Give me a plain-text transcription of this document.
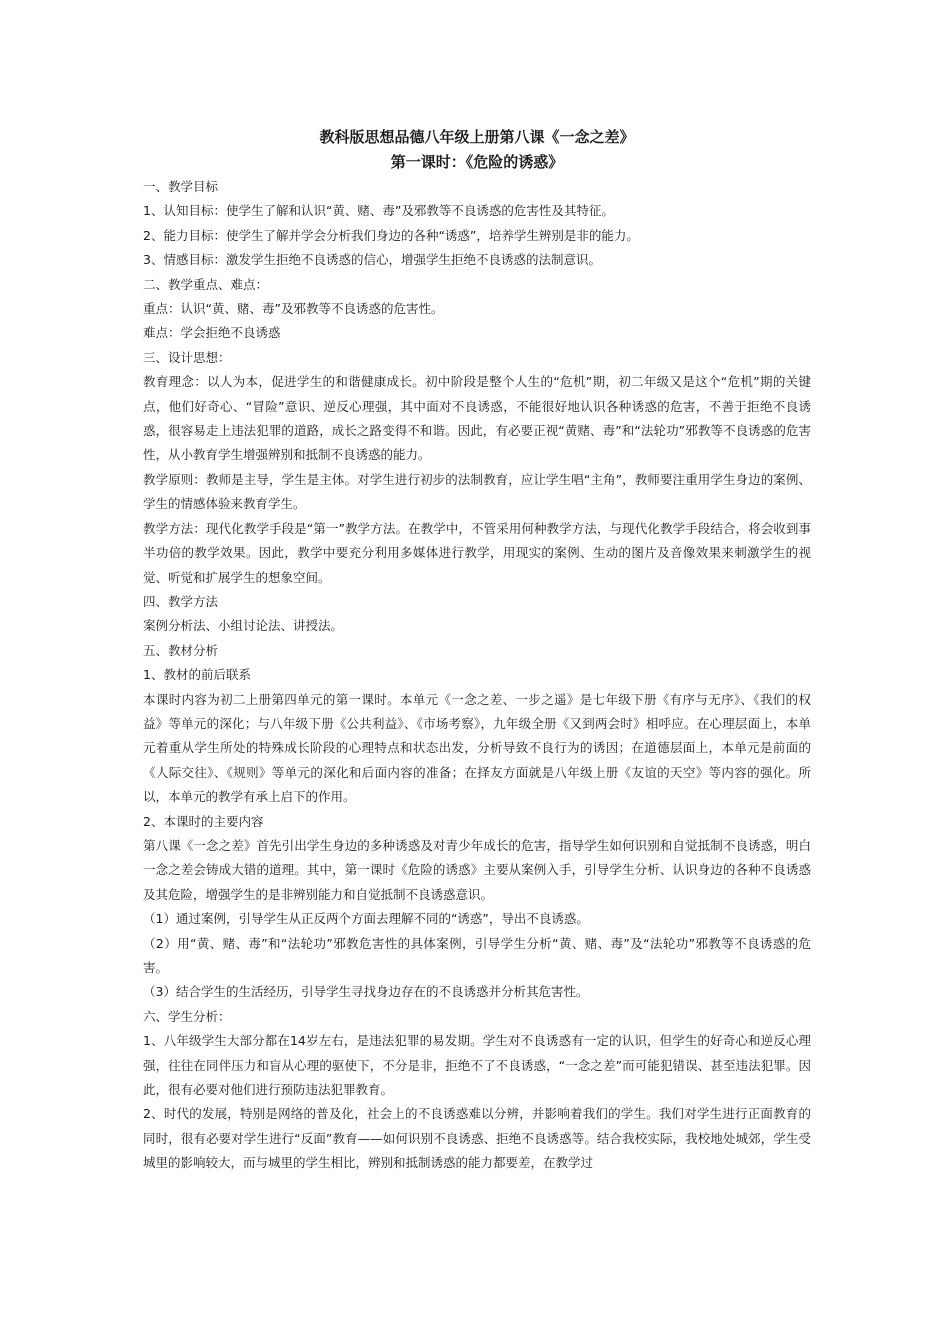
教科版思想品德八年级上册第八课《一念之差》
第一课时：《危险的诱惑》

一、教学目标

1、认知目标：使学生了解和认识“黄、赌、毒”及邪教等不良诱惑的危害性及其特征。

2、能力目标：使学生了解并学会分析我们身边的各种“诱惑”，培养学生辨别是非的能力。

3、情感目标：激发学生拒绝不良诱惑的信心，增强学生拒绝不良诱惑的法制意识。

二、教学重点、难点：

重点：认识“黄、赌、毒”及邪教等不良诱惑的危害性。

难点：学会拒绝不良诱惑

三、设计思想：

教育理念：以人为本，促进学生的和谐健康成长。初中阶段是整个人生的“危机”期，初二年级又是这个“危机”期的关键点，他们好奇心、“冒险”意识、逆反心理强，其中面对不良诱惑，不能很好地认识各种诱惑的危害，不善于拒绝不良诱惑，很容易走上违法犯罪的道路，成长之路变得不和谐。因此，有必要正视“黄赌、毒”和“法轮功”邪教等不良诱惑的危害性，从小教育学生增强辨别和抵制不良诱惑的能力。

教学原则：教师是主导，学生是主体。对学生进行初步的法制教育，应让学生唱“主角”，教师要注重用学生身边的案例、学生的情感体验来教育学生。

教学方法：现代化教学手段是“第一”教学方法。在教学中，不管采用何种教学方法，与现代化教学手段结合，将会收到事半功倍的教学效果。因此，教学中要充分利用多媒体进行教学，用现实的案例、生动的图片及音像效果来刺激学生的视觉、听觉和扩展学生的想象空间。

四、教学方法

案例分析法、小组讨论法、讲授法。

五、教材分析

1、教材的前后联系

本课时内容为初二上册第四单元的第一课时。本单元《一念之差、一步之遥》是七年级下册《有序与无序》、《我们的权益》等单元的深化；与八年级下册《公共利益》、《市场考察》，九年级全册《又到两会时》相呼应。在心理层面上，本单元着重从学生所处的特殊成长阶段的心理特点和状态出发，分析导致不良行为的诱因；在道德层面上，本单元是前面的《人际交往》、《规则》等单元的深化和后面内容的准备；在择友方面就是八年级上册《友谊的天空》等内容的强化。所以，本单元的教学有承上启下的作用。

2、本课时的主要内容

第八课《一念之差》首先引出学生身边的多种诱惑及对青少年成长的危害，指导学生如何识别和自觉抵制不良诱惑，明白一念之差会铸成大错的道理。其中，第一课时《危险的诱惑》主要从案例入手，引导学生分析、认识身边的各种不良诱惑及其危险，增强学生的是非辨别能力和自觉抵制不良诱惑意识。

（1）通过案例，引导学生从正反两个方面去理解不同的“诱惑”，导出不良诱惑。

（2）用“黄、赌、毒”和“法轮功”邪教危害性的具体案例，引导学生分析“黄、赌、毒”及“法轮功”邪教等不良诱惑的危害。

（3）结合学生的生活经历，引导学生寻找身边存在的不良诱惑并分析其危害性。

六、学生分析：

1、八年级学生大部分都在14岁左右，是违法犯罪的易发期。学生对不良诱惑有一定的认识，但学生的好奇心和逆反心理强，往往在同伴压力和盲从心理的驱使下，不分是非，拒绝不了不良诱惑，“一念之差”而可能犯错误、甚至违法犯罪。因此，很有必要对他们进行预防违法犯罪教育。

2、时代的发展，特别是网络的普及化，社会上的不良诱惑难以分辨，并影响着我们的学生。我们对学生进行正面教育的同时，很有必要对学生进行“反面”教育——如何识别不良诱惑、拒绝不良诱惑等。结合我校实际，我校地处城郊，学生受城里的影响较大，而与城里的学生相比，辨别和抵制诱惑的能力都要差，在教学过
